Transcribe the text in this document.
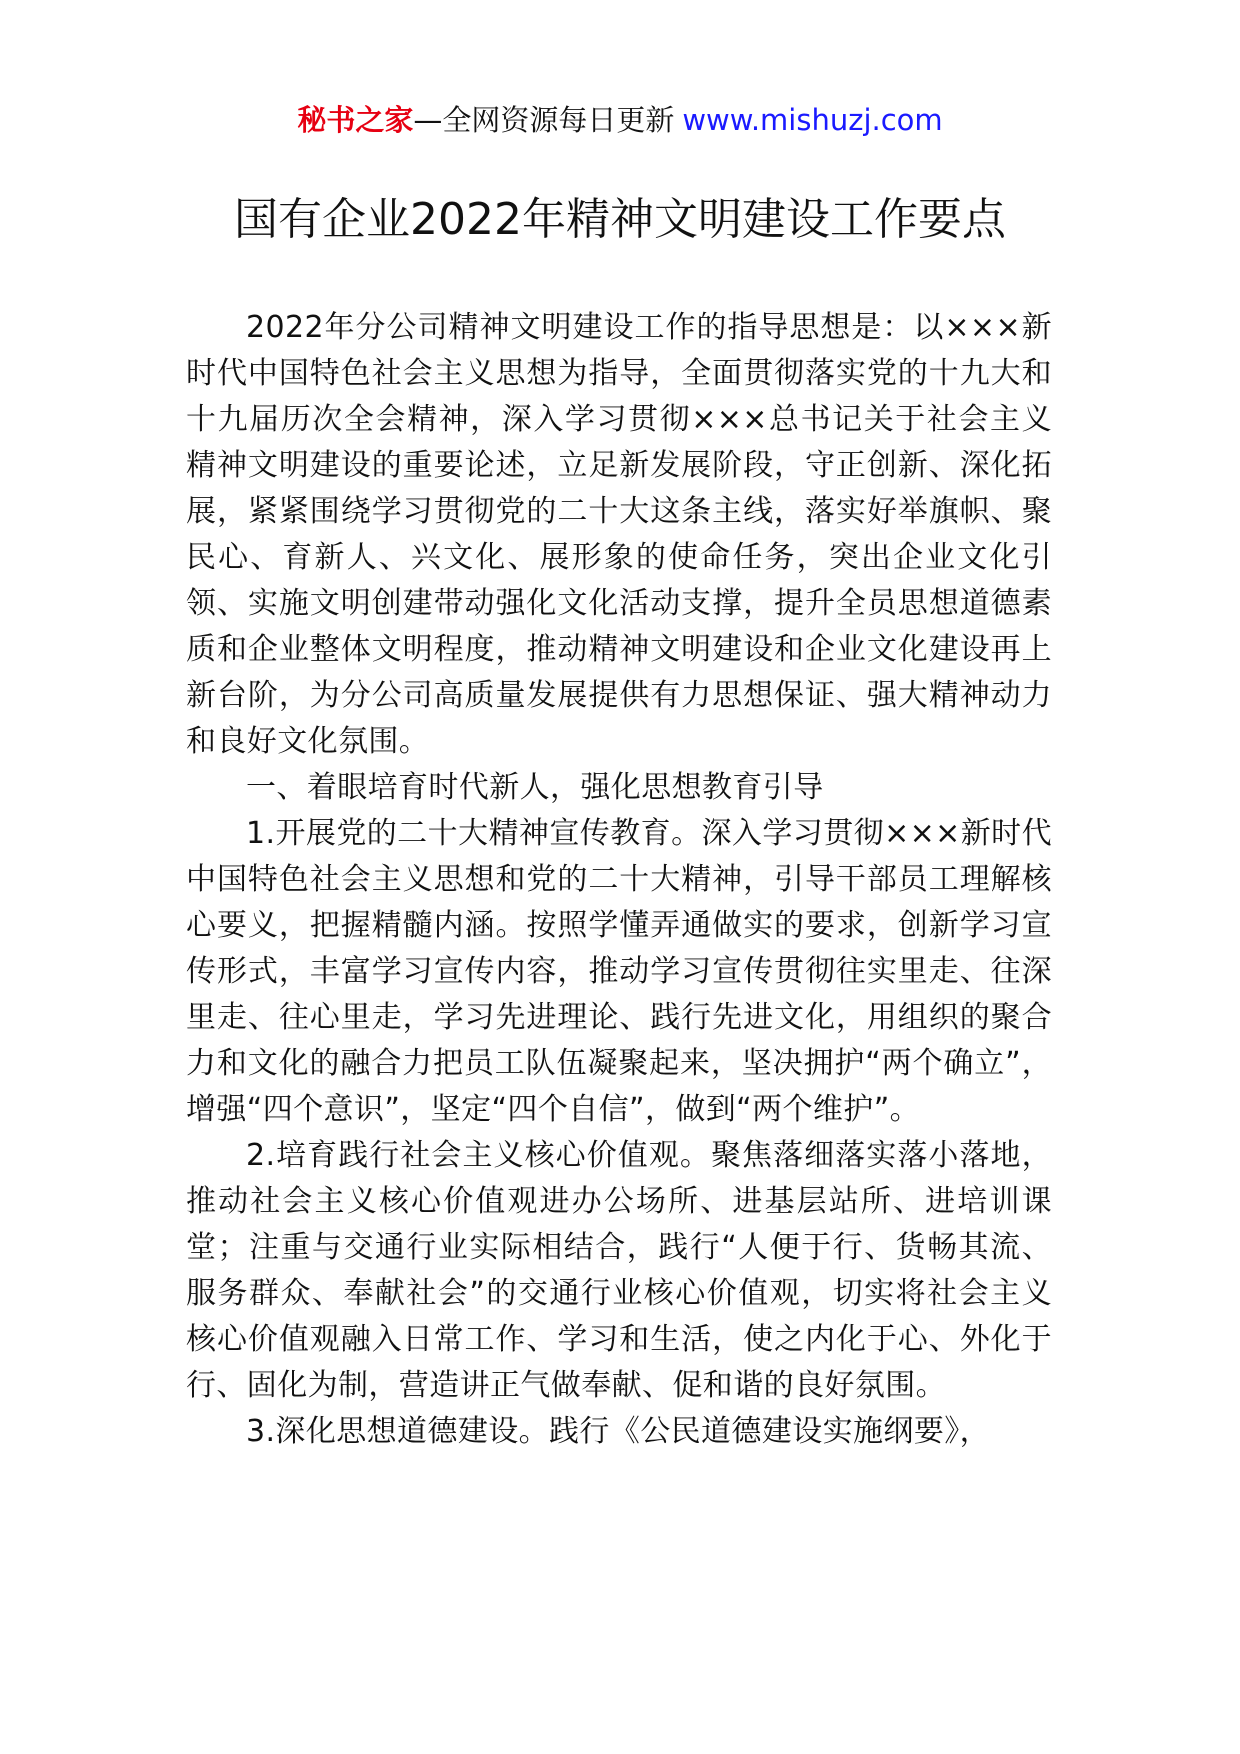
秘书之家—全网资源每日更新 www.mishuzj.com
国有企业2022年精神文明建设工作要点

2022年分公司精神文明建设工作的指导思想是：以×××新时代中国特色社会主义思想为指导，全面贯彻落实党的十九大和十九届历次全会精神，深入学习贯彻×××总书记关于社会主义精神文明建设的重要论述，立足新发展阶段，守正创新、深化拓展，紧紧围绕学习贯彻党的二十大这条主线，落实好举旗帜、聚民心、育新人、兴文化、展形象的使命任务，突出企业文化引领、实施文明创建带动强化文化活动支撑，提升全员思想道德素质和企业整体文明程度，推动精神文明建设和企业文化建设再上新台阶，为分公司高质量发展提供有力思想保证、强大精神动力和良好文化氛围。

一、着眼培育时代新人，强化思想教育引导

1.开展党的二十大精神宣传教育。深入学习贯彻×××新时代中国特色社会主义思想和党的二十大精神，引导干部员工理解核心要义，把握精髓内涵。按照学懂弄通做实的要求，创新学习宣传形式，丰富学习宣传内容，推动学习宣传贯彻往实里走、往深里走、往心里走，学习先进理论、践行先进文化，用组织的聚合力和文化的融合力把员工队伍凝聚起来，坚决拥护“两个确立”，增强“四个意识”，坚定“四个自信”，做到“两个维护”。

2.培育践行社会主义核心价值观。聚焦落细落实落小落地，推动社会主义核心价值观进办公场所、进基层站所、进培训课堂；注重与交通行业实际相结合，践行“人便于行、货畅其流、服务群众、奉献社会”的交通行业核心价值观，切实将社会主义核心价值观融入日常工作、学习和生活，使之内化于心、外化于行、固化为制，营造讲正气做奉献、促和谐的良好氛围。

3.深化思想道德建设。践行《公民道德建设实施纲要》，
